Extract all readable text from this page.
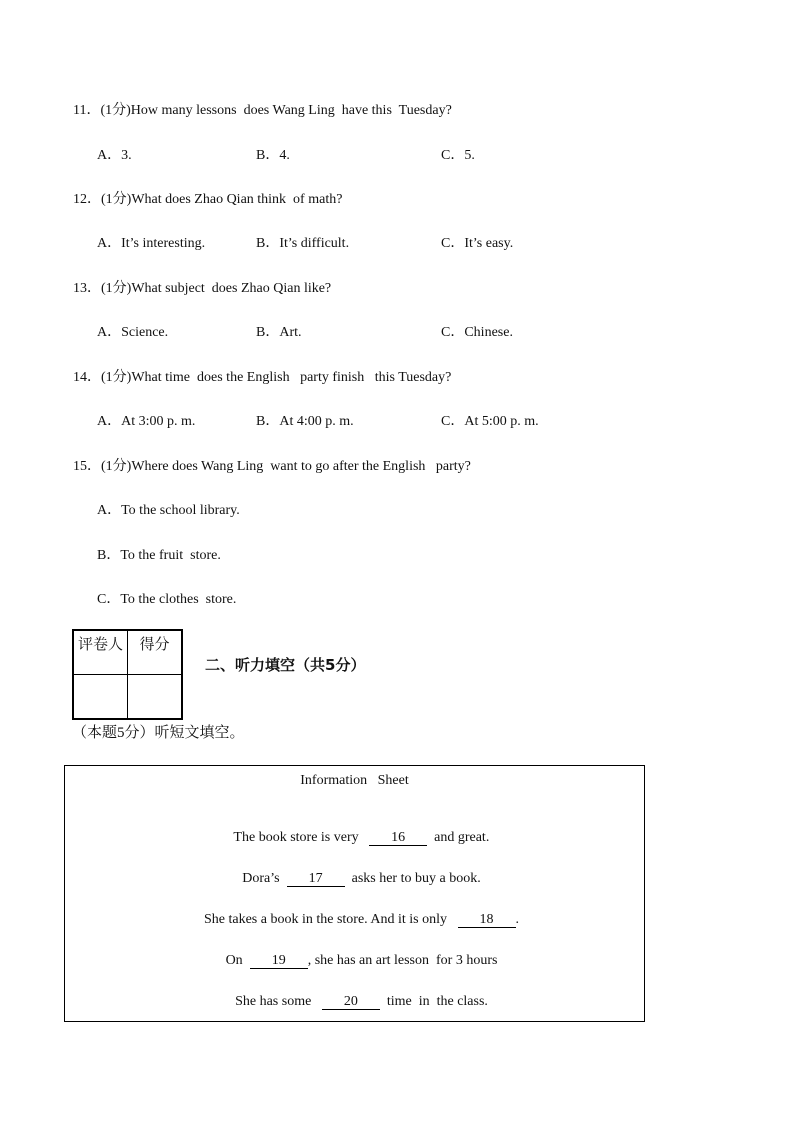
11．(1分)How many lessons  does Wang Ling  have this  Tuesday?
A．3.	B．4.	C．5.
12．(1分)What does Zhao Qian think  of math?
A．It’s interesting.	B．It’s difficult.	C．It’s easy.
13．(1分)What subject  does Zhao Qian like?
A．Science.	B．Art.	C．Chinese.
14．(1分)What time  does the English   party finish   this Tuesday?
A．At 3:00 p. m.	B．At 4:00 p. m.	C．At 5:00 p. m.
15．(1分)Where does Wang Ling  want to go after the English   party?
A．To the school library.
B．To the fruit  store.
C．To the clothes  store.
评卷人	得分

二、听力填空（共5分）
（本题5分）听短文填空。
Information   Sheet

The book store is very   16  and great.

Dora’s  17  asks her to buy a book.

She takes a book in the store. And it is only   18 .

On  19 , she has an art lesson  for 3 hours

She has some   20  time  in  the class.
